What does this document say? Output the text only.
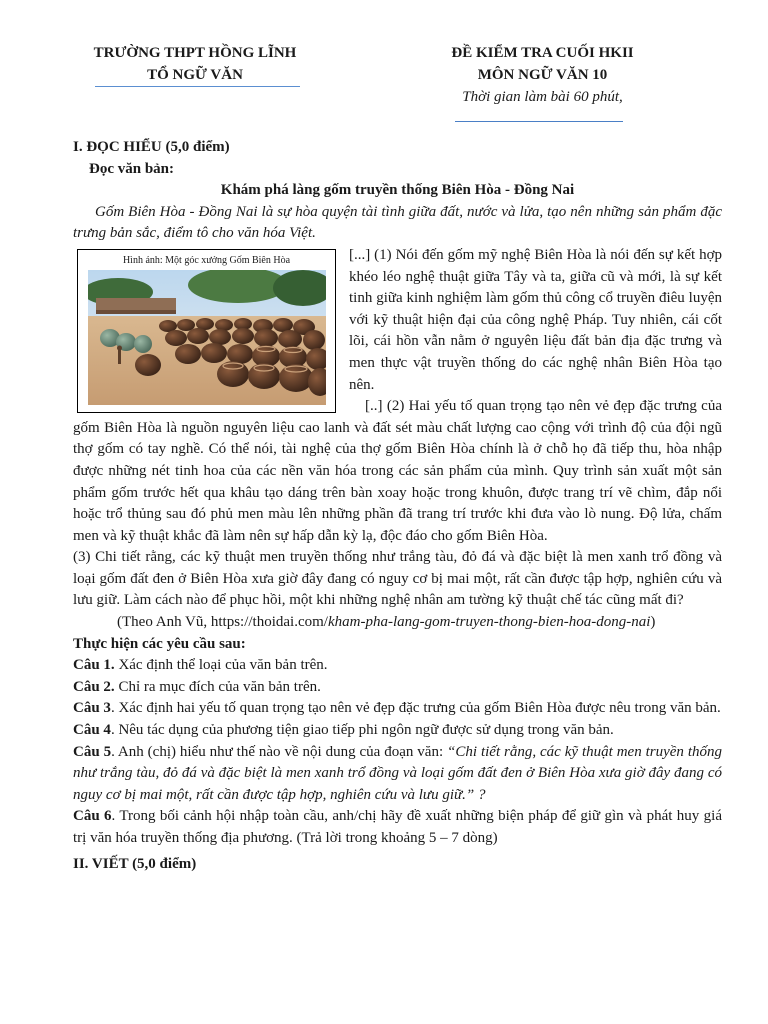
TRƯỜNG THPT HỒNG LĨNH
TỔ NGỮ VĂN
ĐỀ KIỂM TRA CUỐI HKII
MÔN NGỮ VĂN 10
Thời gian làm bài 60 phút,

I. ĐỌC HIỂU (5,0 điểm)

Đọc văn bản:

Khám phá làng gốm truyền thống Biên Hòa - Đồng Nai

Gốm Biên Hòa - Đồng Nai là sự hòa quyện tài tình giữa đất, nước và lửa, tạo nên những sản phẩm đặc trưng bản sắc, điểm tô cho văn hóa Việt.

Hình ảnh: Một góc xưởng Gốm Biên Hòa	[...] (1) Nói đến gốm mỹ nghệ Biên Hòa là nói đến sự kết hợp khéo léo nghệ thuật giữa Tây và ta, giữa cũ và mới, là sự kết tinh giữa kinh nghiệm làm gốm thủ công cổ truyền điêu luyện với kỹ thuật hiện đại của công nghệ Pháp. Tuy nhiên, cái cốt lõi, cái hồn vẫn nằm ở nguyên liệu đất bản địa đặc trưng và men thực vật truyền thống do các nghệ nhân Biên Hòa tạo nên.

[..] (2) Hai yếu tố quan trọng tạo nên vẻ đẹp đặc trưng của gốm Biên Hòa là nguồn nguyên liệu cao lanh và đất sét màu chất lượng cao cộng với trình độ của đội ngũ thợ gốm có tay nghề. Có thể nói, tài nghệ của thợ gốm Biên Hòa chính là ở chỗ họ đã tiếp thu, hòa nhập được những nét tinh hoa của các nền văn hóa trong các sản phẩm của mình. Quy trình sản xuất một sản phẩm gốm trước hết qua khâu tạo dáng trên bàn xoay hoặc trong khuôn, được trang trí vẽ chìm, đắp nổi hoặc trổ thủng sau đó phủ men màu lên những phần đã trang trí trước khi đưa vào lò nung. Độ lửa, chấm men và kỹ thuật khắc đã làm nên sự hấp dẫn kỳ lạ, độc đáo cho gốm Biên Hòa.

(3) Chi tiết rằng, các kỹ thuật men truyền thống như trắng tàu, đỏ đá và đặc biệt là men xanh trổ đồng và loại gốm đất đen ở Biên Hòa xưa giờ đây đang có nguy cơ bị mai một, rất cần được tập hợp, nghiên cứu và lưu giữ. Làm cách nào để phục hồi, một khi những nghệ nhân am tường kỹ thuật chế tác cũng mất đi?

(Theo Anh Vũ, https://thoidai.com/kham-pha-lang-gom-truyen-thong-bien-hoa-dong-nai)

Thực hiện các yêu cầu sau:

Câu 1. Xác định thể loại của văn bản trên.

Câu 2. Chỉ ra mục đích của văn bản trên.

Câu 3. Xác định hai yếu tố quan trọng tạo nên vẻ đẹp đặc trưng của gốm Biên Hòa được nêu trong văn bản.

Câu 4. Nêu tác dụng của phương tiện giao tiếp phi ngôn ngữ được sử dụng trong văn bản.

Câu 5. Anh (chị) hiểu như thế nào về nội dung của đoạn văn: “Chi tiết rằng, các kỹ thuật men truyền thống như trắng tàu, đỏ đá và đặc biệt là men xanh trổ đồng và loại gốm đất đen ở Biên Hòa xưa giờ đây đang có nguy cơ bị mai một, rất cần được tập hợp, nghiên cứu và lưu giữ.” ?

Câu 6. Trong bối cảnh hội nhập toàn cầu, anh/chị hãy đề xuất những biện pháp để giữ gìn và phát huy giá trị văn hóa truyền thống địa phương. (Trả lời trong khoảng 5 – 7 dòng)

II. VIẾT (5,0 điểm)
